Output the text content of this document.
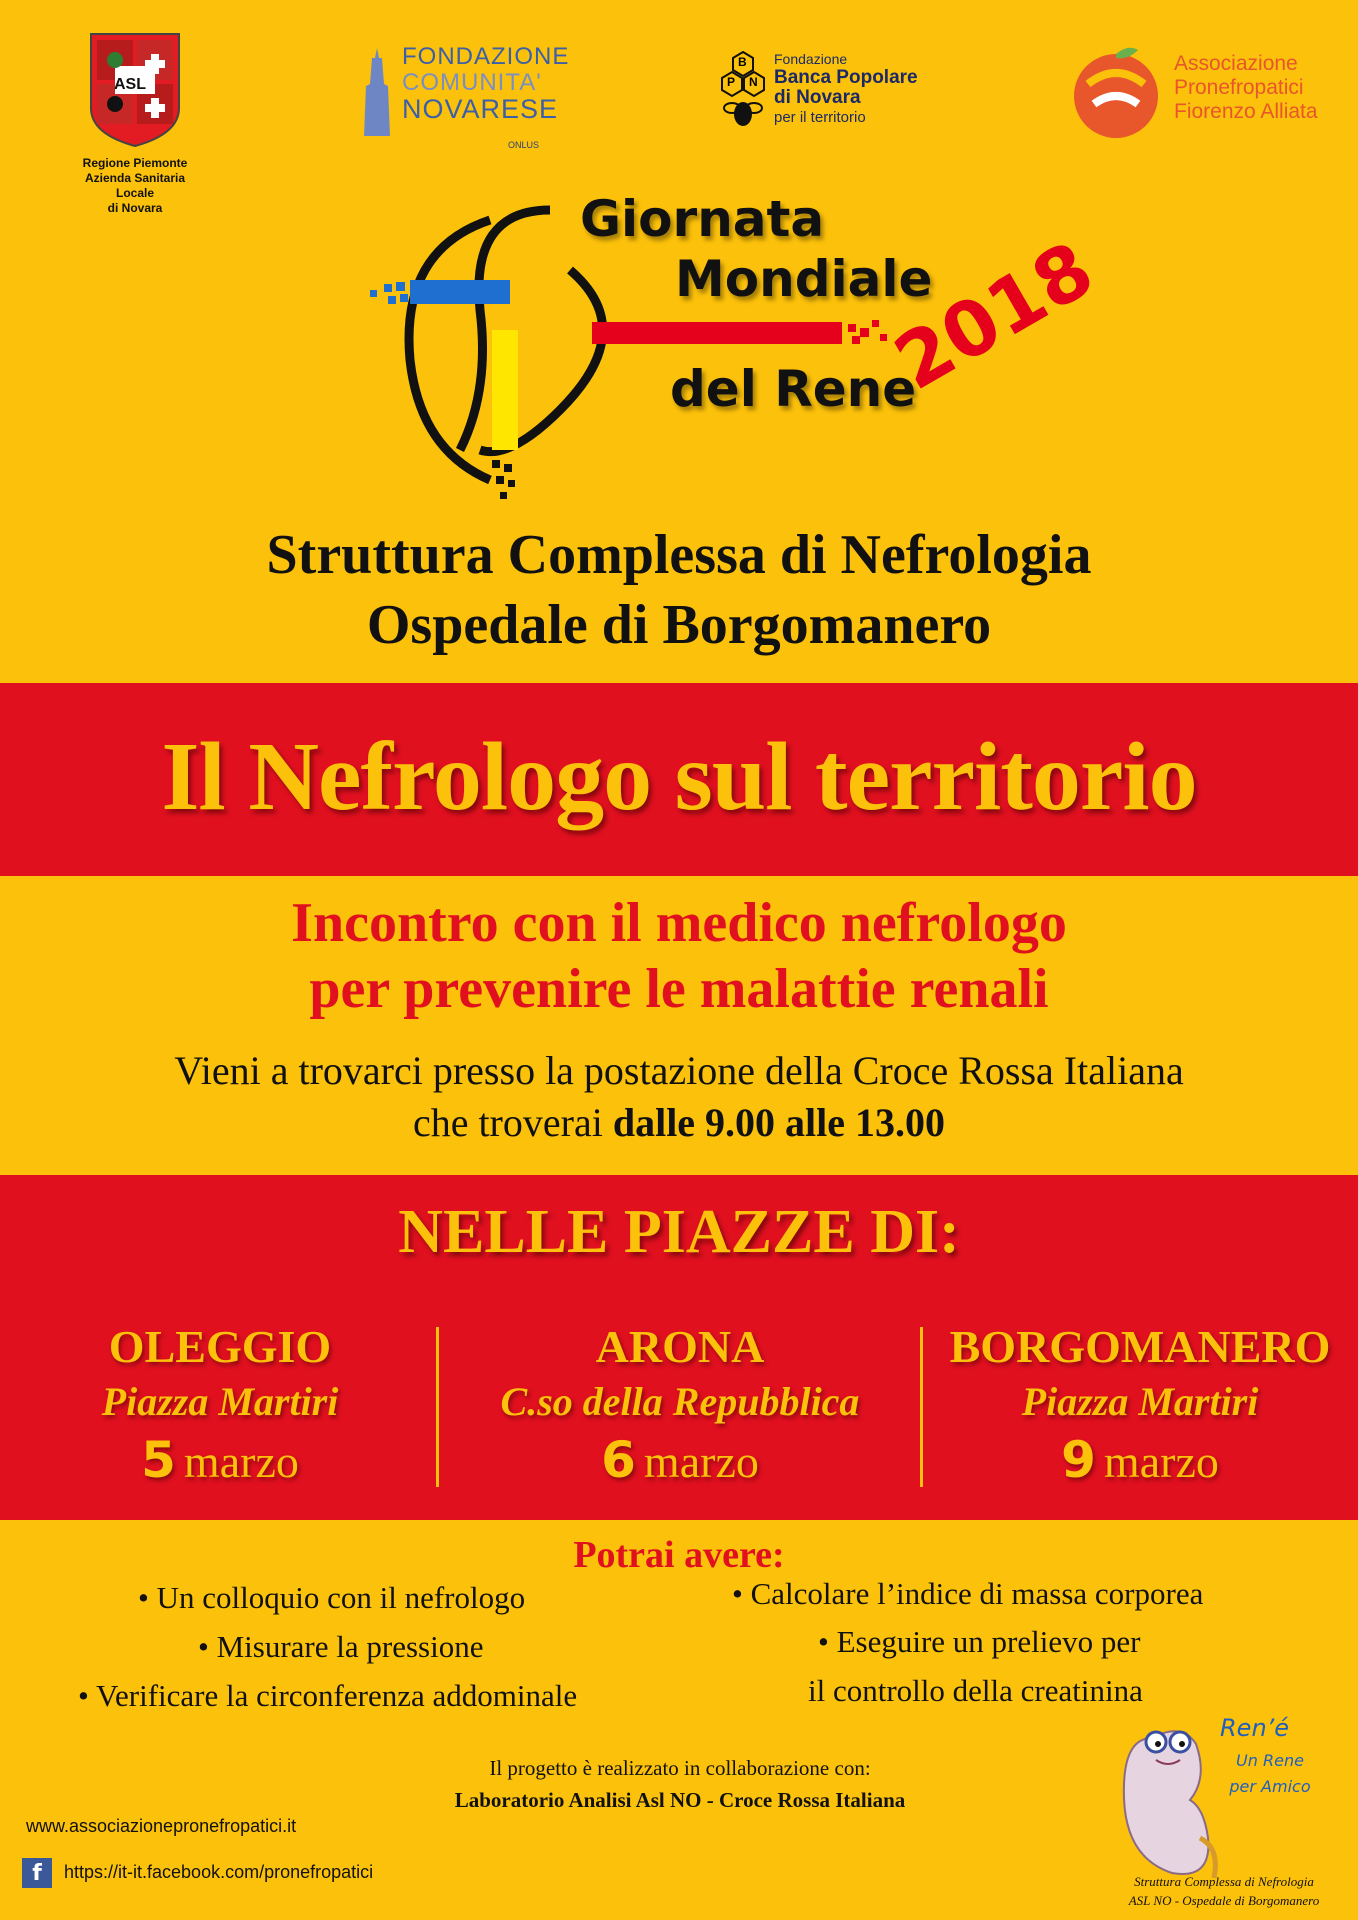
ASL
Regione Piemonte
Azienda Sanitaria Locale
di Novara
FONDAZIONE
COMUNITA'
NOVARESE
ONLUS
B
P N
Fondazione
Banca Popolare
di Novara
per il territorio
Associazione
Pronefropatici
Fiorenzo Alliata
Giornata
Mondiale
del Rene
2018
Struttura Complessa di Nefrologia
Ospedale di Borgomanero
Il Nefrologo sul territorio
Incontro con il medico nefrologo
per prevenire le malattie renali
Vieni a trovarci presso la postazione della Croce Rossa Italiana
che troverai dalle 9.00 alle 13.00
NELLE PIAZZE DI:
OLEGGIO
Piazza Martiri
5 marzo
ARONA
C.so della Repubblica
6 marzo
BORGOMANERO
Piazza Martiri
9 marzo
Potrai avere:
• Un colloquio con il nefrologo
• Misurare la pressione
• Verificare la circonferenza addominale
• Calcolare l’indice di massa corporea
• Eseguire un prelievo per
il controllo della creatinina
Il progetto è realizzato in collaborazione con:
Laboratorio Analisi Asl NO - Croce Rossa Italiana
www.associazionepronefropatici.it
f	https://it-it.facebook.com/pronefropatici
Ren’é
Un Rene
per Amico
Struttura Complessa di Nefrologia
ASL NO - Ospedale di Borgomanero
